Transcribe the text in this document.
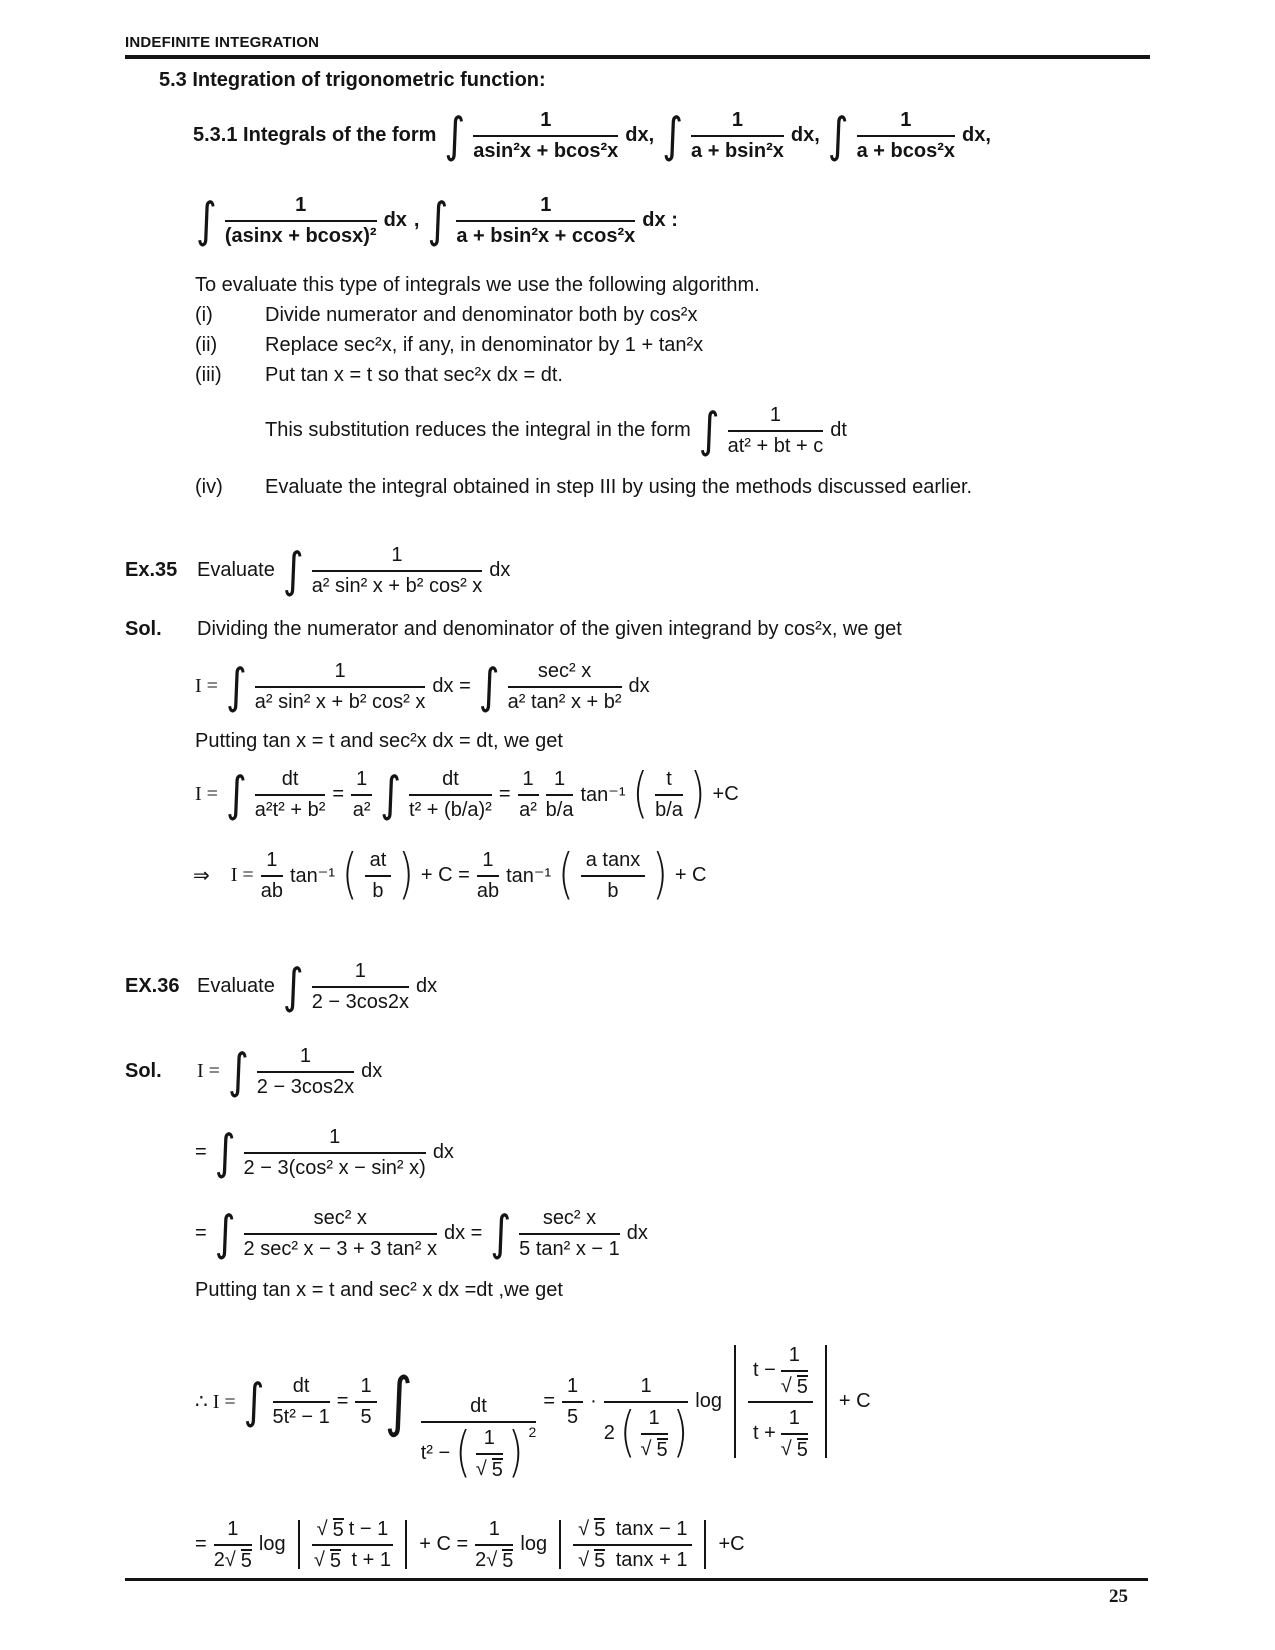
INDEFINITE INTEGRATION
5.3 Integration of trigonometric function:
5.3.1 Integrals of the form ∫ $\frac{1}{\text{asin²x + bcos²x}}$ dx, ∫ $\frac{1}{\text{a + bsin²x}}$ dx, ∫ $\frac{1}{\text{a + bcos²x}}$ dx,
∫ $\frac{1}{\text{(asinx + bcosx)²}}$ dx , ∫ $\frac{1}{\text{a + bsin²x + ccos²x}}$ dx :
To evaluate this type of integrals we use the following algorithm.
(i)	Divide numerator and denominator both by cos²x
(ii)	Replace sec²x, if any, in denominator by 1 + tan²x
(iii)	Put tan x = t so that sec²x dx = dt.
This substitution reduces the integral in the form ∫ $\frac{1}{\text{at² + bt + c}}$ dt
(iv)	Evaluate the integral obtained in step III by using the methods discussed earlier.
Ex.35 Evaluate ∫ $\frac{1}{\text{a² sin² x + b² cos² x}}$ dx
Sol.	Dividing the numerator and denominator of the given integrand by cos²x, we get
I = ∫ $\frac{1}{\text{a² sin² x + b² cos² x}}$ dx = ∫ $\frac{\text{sec² x}}{\text{a² tan² x + b²}}$ dx
Putting tan x = t and sec²x dx = dt, we get
I = ∫ $\frac{dt}{\text{a²t² + b²}} = \frac{1}{\text{a²}}$ ∫ $\frac{dt}{\text{t² + (b/a)²}} = \frac{1}{\text{a²}} \frac{1}{b/a} \tan^{-1}$ ( $\frac{t}{b/a}$ ) +C
⇒ $I = \frac{1}{ab} \tan^{-1}$ ( $\frac{at}{b}$ ) + $C = \frac{1}{ab} \tan^{-1}$ ( $\frac{\text{a tanx}}{b}$ ) + C
EX.36 Evaluate ∫ $\frac{1}{2 - 3\cos 2x}$ dx
Sol.	I = ∫ $\frac{1}{2 - 3\cos 2x}$ dx
= ∫ $\frac{1}{\text{2 − 3(cos² x − sin² x)}}$ dx
= ∫ $\frac{\text{sec² x}}{\text{2 sec² x − 3 + 3 tan² x}}$ dx = ∫ $\frac{\text{sec² x}}{\text{5 tan² x − 1}}$ dx
Putting tan x = t and sec² x dx =dt ,we get
∴ I = ∫ $\frac{dt}{\text{5t² − 1}} = \frac{1}{5}$ ∫ $\frac{dt}{t^2 - ( \frac{1}{√ 5} ) 2} = \frac{1}{5} \cdot \frac{1}{2 ( \frac{1}{√ 5} )}$ $\log \frac{t - \frac{1}{√ 5}}{t + \frac{1}{√ 5}} + C$
= $\frac{1}{2√ 5}$ $\log \frac{√ 5 t - 1}{√ 5 t + 1} + C = \frac{1}{2√ 5}$ $\log \frac{√ 5 \tan x - 1}{√ 5 \tan x + 1} +C$
25
